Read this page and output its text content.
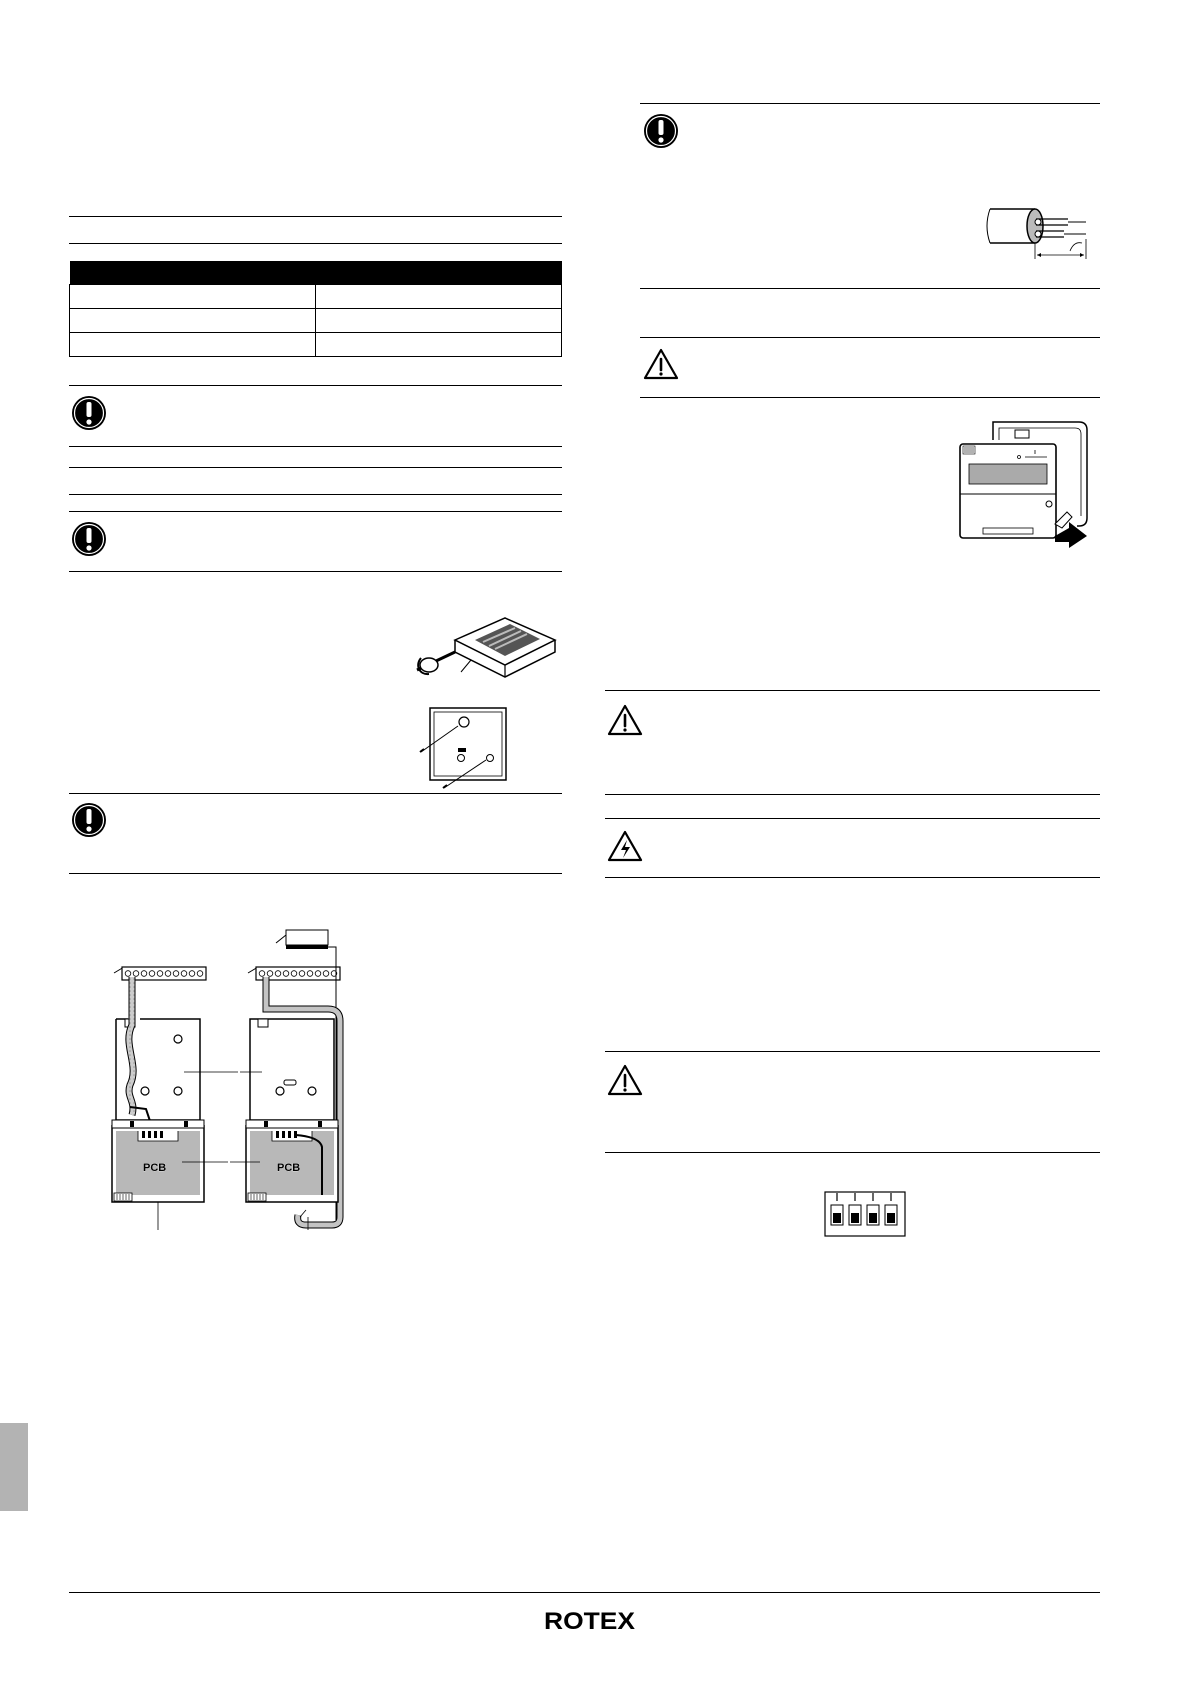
PCB	PCB
ROTEX
